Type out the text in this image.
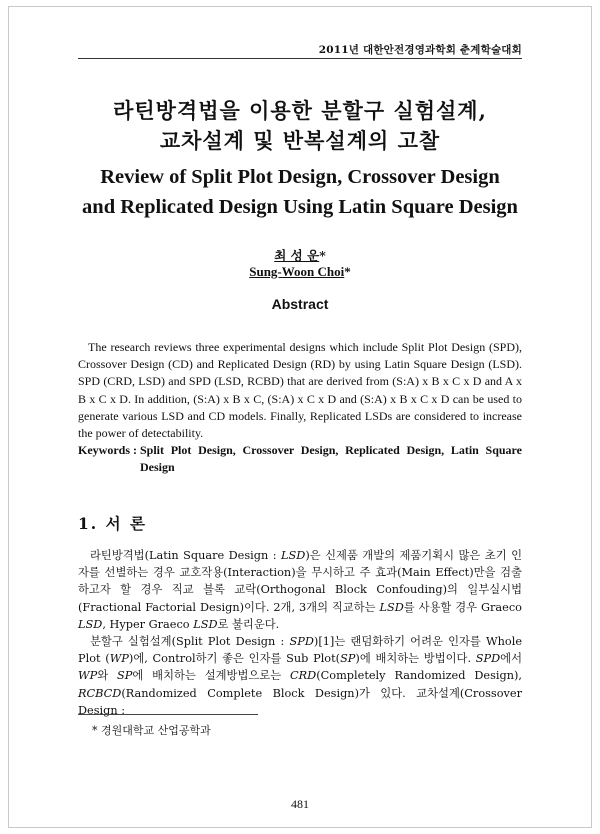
2011년 대한안전경영과학회 춘계학술대회
라틴방격법을 이용한 분할구 실험설계,
교차설계 및 반복설계의 고찰
Review of Split Plot Design, Crossover Design
and Replicated Design Using Latin Square Design
최 성 운*
Sung-Woon Choi*
Abstract

The research reviews three experimental designs which include Split Plot Design (SPD), Crossover Design (CD) and Replicated Design (RD) by using Latin Square Design (LSD). SPD (CRD, LSD) and SPD (LSD, RCBD) that are derived from (S:A) x B x C x D and A x B x C x D. In addition, (S:A) x B x C, (S:A) x C x D and (S:A) x B x C x D can be used to generate various LSD and CD models. Finally, Replicated LSDs are considered to increase the power of detectability.

Keywords : Split Plot Design, Crossover Design, Replicated Design, Latin Square Design
1. 서 론

라틴방격법(Latin Square Design : LSD)은 신제품 개발의 제품기획시 많은 초기 인자를 선별하는 경우 교호작용(Interaction)을 무시하고 주 효과(Main Effect)만을 검출하고자 할 경우 직교 블록 교락(Orthogonal Block Confouding)의 일부실시법(Fractional Factorial Design)이다. 2개, 3개의 직교하는 LSD를 사용할 경우 Graeco LSD, Hyper Graeco LSD로 불리운다.

분할구 실험설계(Split Plot Design : SPD)[1]는 랜덤화하기 어려운 인자를 Whole Plot (WP)에, Control하기 좋은 인자를 Sub Plot(SP)에 배치하는 방법이다. SPD에서 WP와 SP에 배치하는 설계방법으로는 CRD(Completely Randomized Design), RCBCD(Randomized Complete Block Design)가 있다. 교차설계(Crossover Design :

* 경원대학교 산업공학과
481
